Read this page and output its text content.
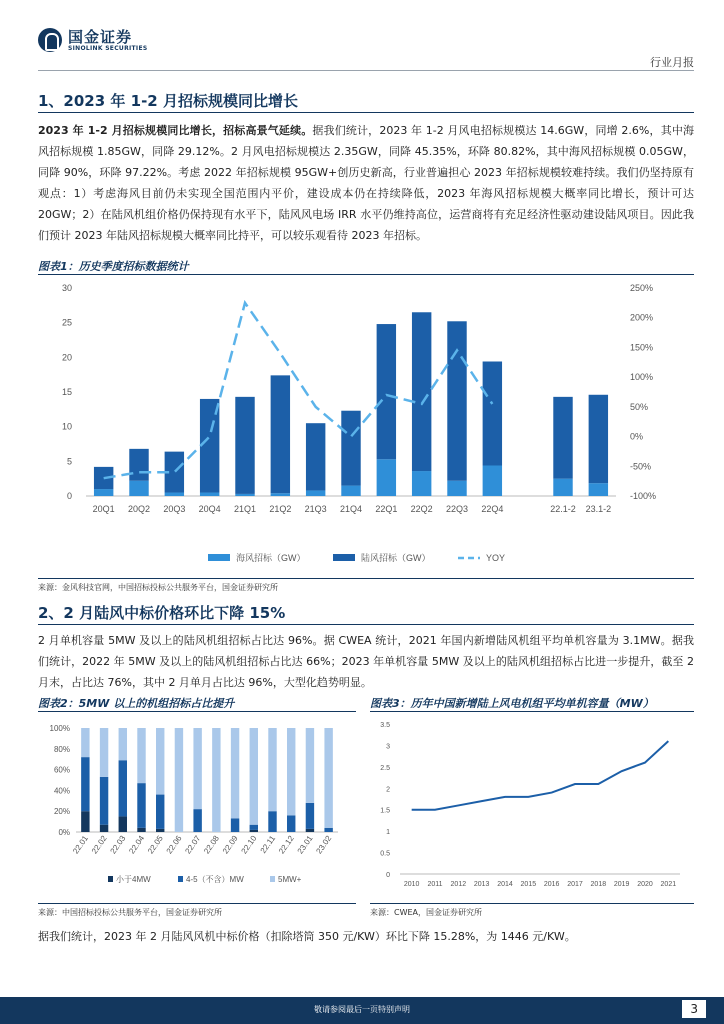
国金证券
SINOLINK SECURITIES
行业月报
1、2023 年 1-2 月招标规模同比增长
2023 年 1-2 月招标规模同比增长，招标高景气延续。据我们统计，2023 年 1-2 月风电招标规模达 14.6GW，同增 2.6%，其中海风招标规模 1.85GW，同降 29.12%。2 月风电招标规模达 2.35GW，同降 45.35%，环降 80.82%，其中海风招标规模 0.05GW，同降 90%，环降 97.22%。考虑 2022 年招标规模 95GW+创历史新高，行业普遍担心 2023 年招标规模较难持续。我们仍坚持原有观点：1）考虑海风目前仍未实现全国范围内平价，建设成本仍在持续降低，2023 年海风招标规模大概率同比增长，预计可达 20GW；2）在陆风机组价格仍保持现有水平下，陆风风电场 IRR 水平仍维持高位，运营商将有充足经济性驱动建设陆风项目。因此我们预计 2023 年陆风招标规模大概率同比持平，可以较乐观看待 2023 年招标。
图表1：历史季度招标数据统计
0
5
10
15
20
25
30
-100%
-50%
0%
50%
100%
150%
200%
250%
20Q1 20Q2 20Q3 20Q4 21Q1 21Q2 21Q3 21Q4 22Q1 22Q2 22Q3 22Q4	22.1-2 23.1-2
海风招标（GW）	陆风招标（GW）	YOY
来源：金风科技官网，中国招标投标公共服务平台，国金证券研究所
2、2 月陆风中标价格环比下降 15%
2 月单机容量 5MW 及以上的陆风机组招标占比达 96%。据 CWEA 统计，2021 年国内新增陆风机组平均单机容量为 3.1MW。据我们统计，2022 年 5MW 及以上的陆风机组招标占比达 66%；2023 年单机容量 5MW 及以上的陆风机组招标占比进一步提升，截至 2 月末，占比达 76%，其中 2 月单月占比达 96%，大型化趋势明显。
图表2：5MW 以上的机组招标占比提升
0%
20%
40%
60%
80%
100%
22.01 22.02 22.03 22.04 22.05 22.06 22.07 22.08 22.09 22.10 22.11 22.12 23.01 23.02
小于4MW	4-5（不含）MW	5MW+
来源：中国招标投标公共服务平台，国金证券研究所
图表3：历年中国新增陆上风电机组平均单机容量（MW）
0
0.5
1
1.5
2
2.5
3
3.5
2010 2011 2012 2013 2014 2015 2016 2017 2018 2019 2020 2021
来源：CWEA，国金证券研究所
据我们统计，2023 年 2 月陆风风机中标价格（扣除塔筒 350 元/KW）环比下降 15.28%，为 1446 元/KW。
敬请参阅最后一页特别声明	3
